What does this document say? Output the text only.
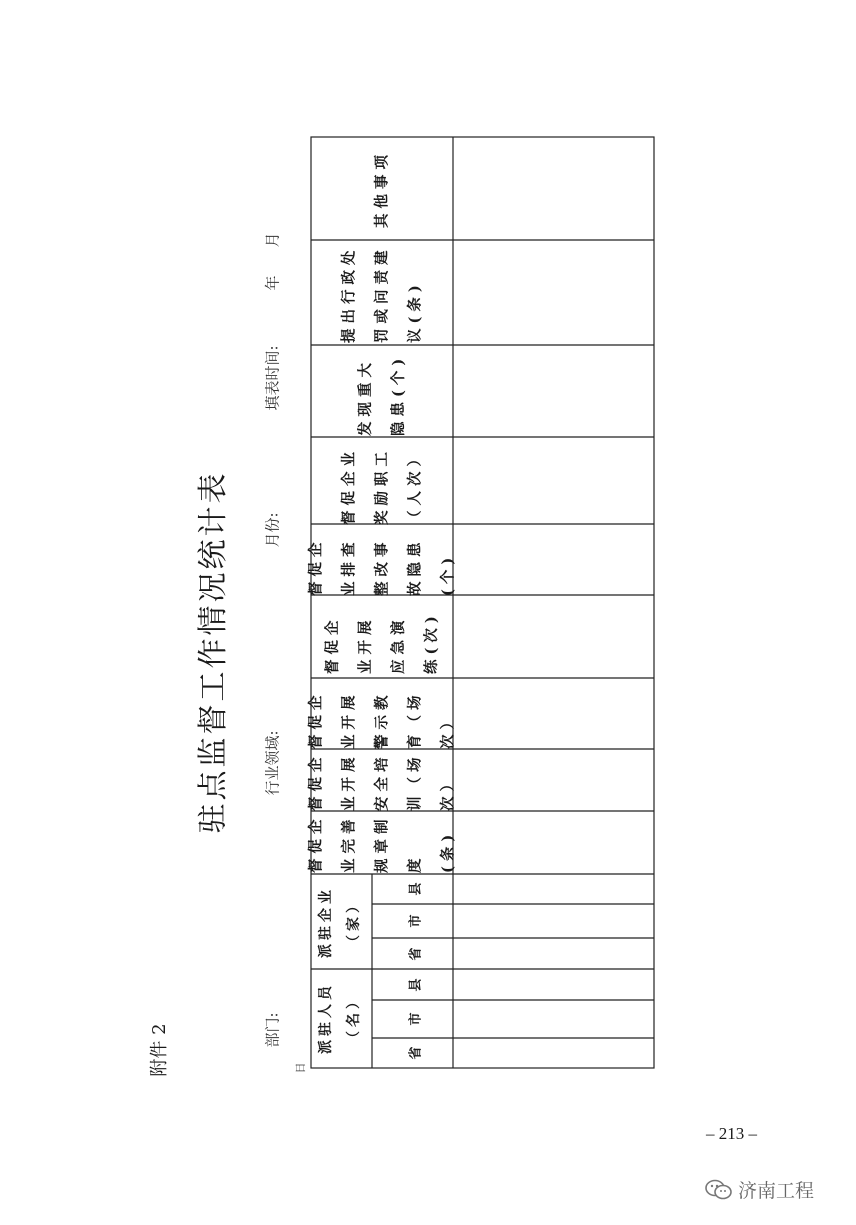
附件 2
驻点监督工作情况统计表
部门:
行业领域:
月份:
填表时间:
年
月
日
派驻人员（名）
派驻企业（家）
省
市
县
省
市
县
督促企业完善规章制度(条)
督促企业开展安全培训（场次）
督促企业开展警示教育（场次）
督促企业开展应急演练(次)
督促企业排查整改事故隐患(个)
督促企业奖励职工（人次）
发现重大隐患(个)
提出行政处罚或问责建议(条)
其他事项
– 213 –
济南工程
